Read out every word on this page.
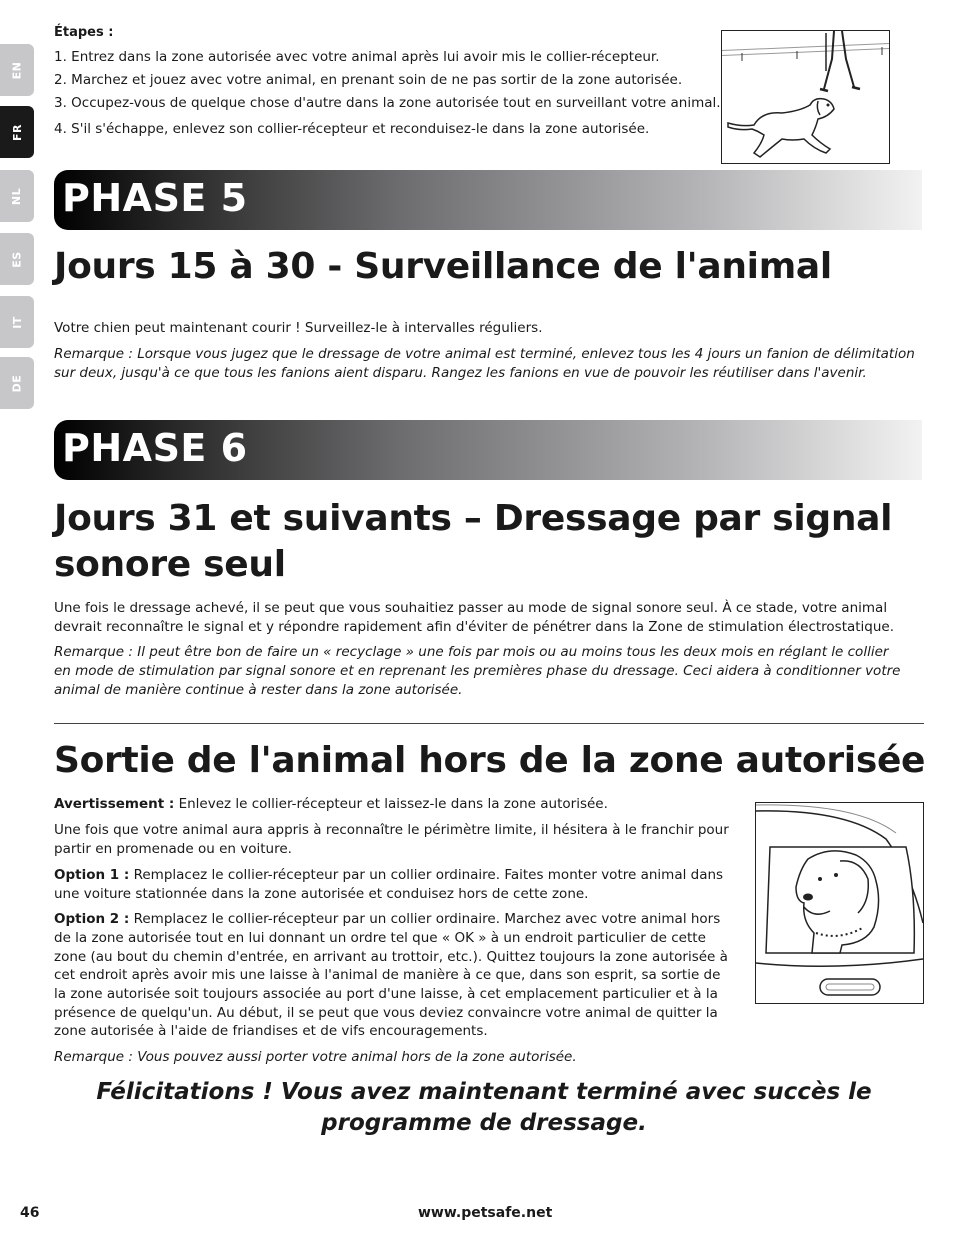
EN
FR
NL
ES
IT
DE
Étapes :
1. Entrez dans la zone autorisée avec votre animal après lui avoir mis le collier-récepteur.
2. Marchez et jouez avec votre animal, en prenant soin de ne pas sortir de la zone autorisée.
3. Occupez-vous de quelque chose d'autre dans la zone autorisée tout en surveillant votre animal.
4. S'il s'échappe, enlevez son collier-récepteur et reconduisez-le dans la zone autorisée.
PHASE 5
Jours 15 à 30 - Surveillance de l'animal
Votre chien peut maintenant courir ! Surveillez-le à intervalles réguliers.
Remarque : Lorsque vous jugez que le dressage de votre animal est terminé, enlevez tous les 4 jours un fanion de délimitation
sur deux, jusqu'à ce que tous les fanions aient disparu. Rangez les fanions en vue de pouvoir les réutiliser dans l'avenir.
PHASE 6
Jours 31 et suivants – Dressage par signal
sonore seul
Une fois le dressage achevé, il se peut que vous souhaitiez passer au mode de signal sonore seul. À ce stade, votre animal
devrait reconnaître le signal et y répondre rapidement afin d'éviter de pénétrer dans la Zone de stimulation électrostatique.
Remarque : Il peut être bon de faire un « recyclage » une fois par mois ou au moins tous les deux mois en réglant le collier
en mode de stimulation par signal sonore et en reprenant les premières phase du dressage. Ceci aidera à conditionner votre
animal de manière continue à rester dans la zone autorisée.
Sortie de l'animal hors de la zone autorisée
Avertissement : Enlevez le collier-récepteur et laissez-le dans la zone autorisée.
Une fois que votre animal aura appris à reconnaître le périmètre limite, il hésitera à le franchir pour
partir en promenade ou en voiture.
Option 1 : Remplacez le collier-récepteur par un collier ordinaire. Faites monter votre animal dans
une voiture stationnée dans la zone autorisée et conduisez hors de cette zone.
Option 2 : Remplacez le collier-récepteur par un collier ordinaire. Marchez avec votre animal hors
de la zone autorisée tout en lui donnant un ordre tel que « OK » à un endroit particulier de cette
zone (au bout du chemin d'entrée, en arrivant au trottoir, etc.). Quittez toujours la zone autorisée à
cet endroit après avoir mis une laisse à l'animal de manière à ce que, dans son esprit, sa sortie de
la zone autorisée soit toujours associée au port d'une laisse, à cet emplacement particulier et à la
présence de quelqu'un. Au début, il se peut que vous deviez convaincre votre animal de quitter la
zone autorisée à l'aide de friandises et de vifs encouragements.
Remarque : Vous pouvez aussi porter votre animal hors de la zone autorisée.
Félicitations ! Vous avez maintenant terminé avec succès le
programme de dressage.
46	www.petsafe.net
